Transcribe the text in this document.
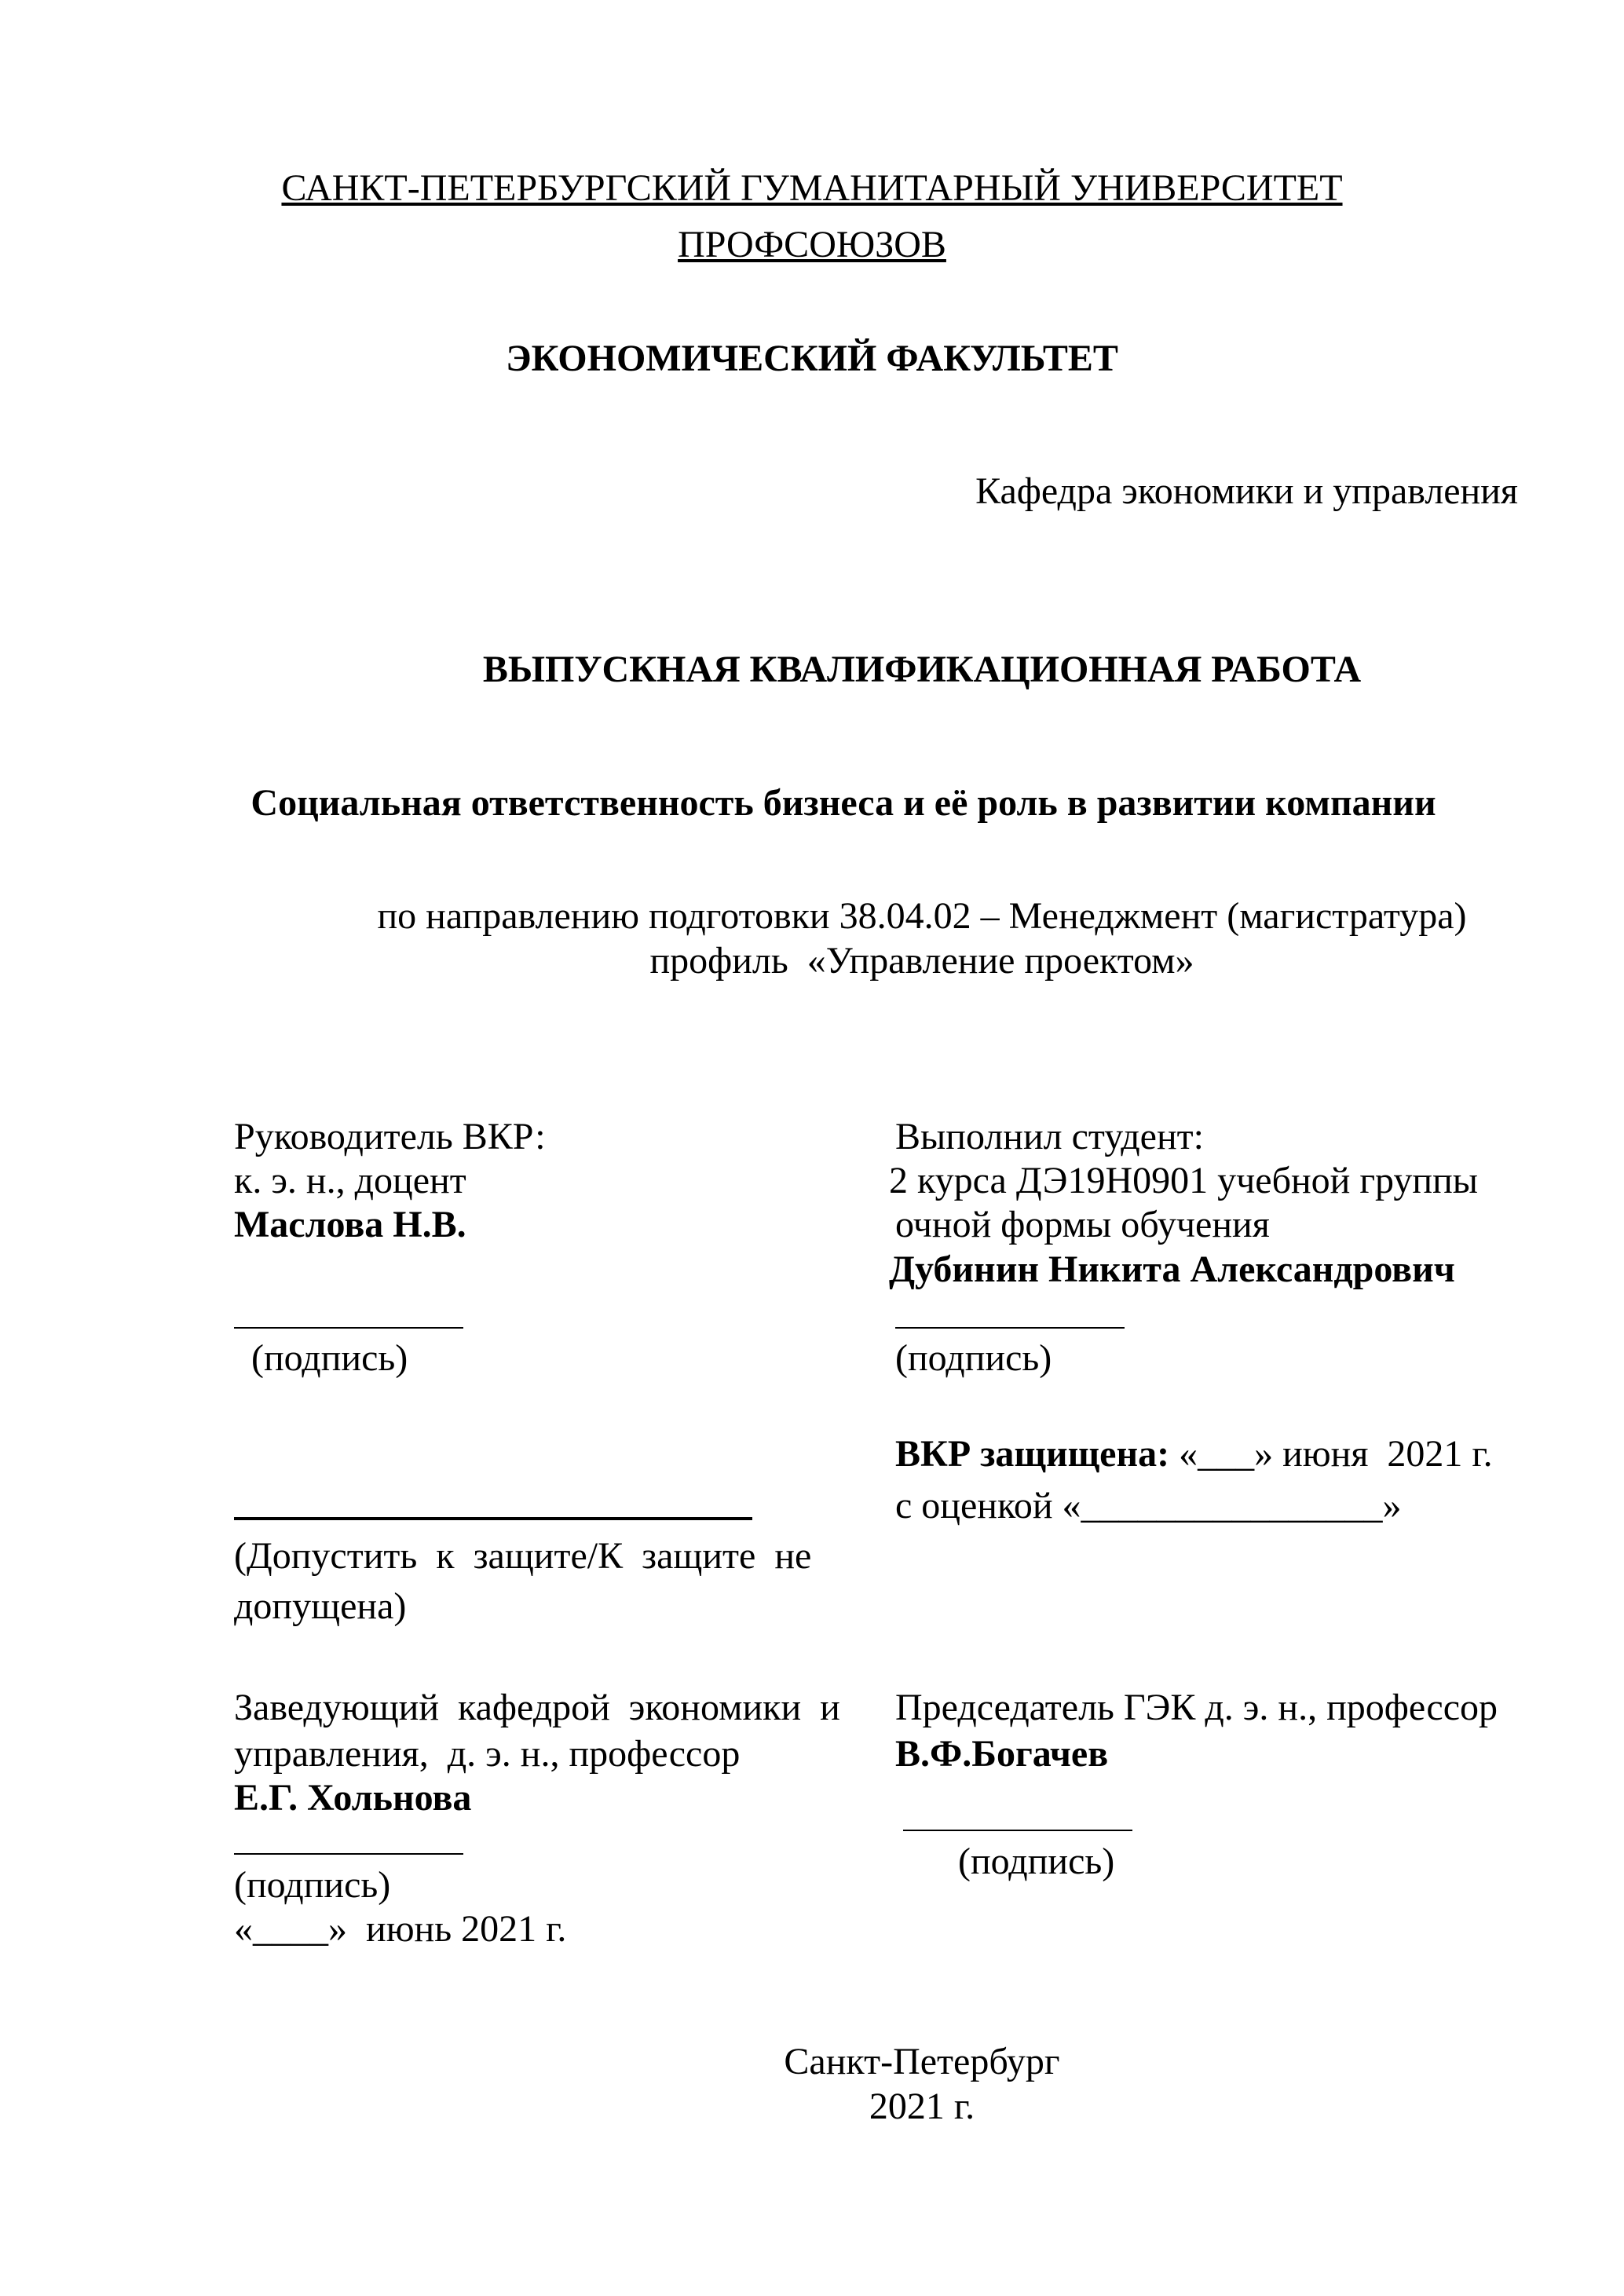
САНКТ-ПЕТЕРБУРГСКИЙ ГУМАНИТАРНЫЙ УНИВЕРСИТЕТ
ПРОФСОЮЗОВ
ЭКОНОМИЧЕСКИЙ ФАКУЛЬТЕТ
Кафедра экономики и управления
ВЫПУСКНАЯ КВАЛИФИКАЦИОННАЯ РАБОТА
Социальная ответственность бизнеса и её роль в развитии компании
по направлению подготовки 38.04.02 – Менеджмент (магистратура)
профиль  «Управление проектом»
Руководитель ВКР:
к. э. н., доцент
Маслова Н.В.
(подпись)
Выполнил студент:
2 курса ДЭ19Н0901 учебной группы
очной формы обучения
Дубинин Никита Александрович
(подпись)
ВКР защищена: «___» июня  2021 г.
с оценкой «________________»
(Допустить  к  защите/К  защите  не
допущена)
Заведующий  кафедрой  экономики  и
управления,  д. э. н., профессор
Е.Г. Хольнова
(подпись)
«____»  июнь 2021 г.
Председатель ГЭК д. э. н., профессор
В.Ф.Богачев
(подпись)
Санкт-Петербург
2021 г.
